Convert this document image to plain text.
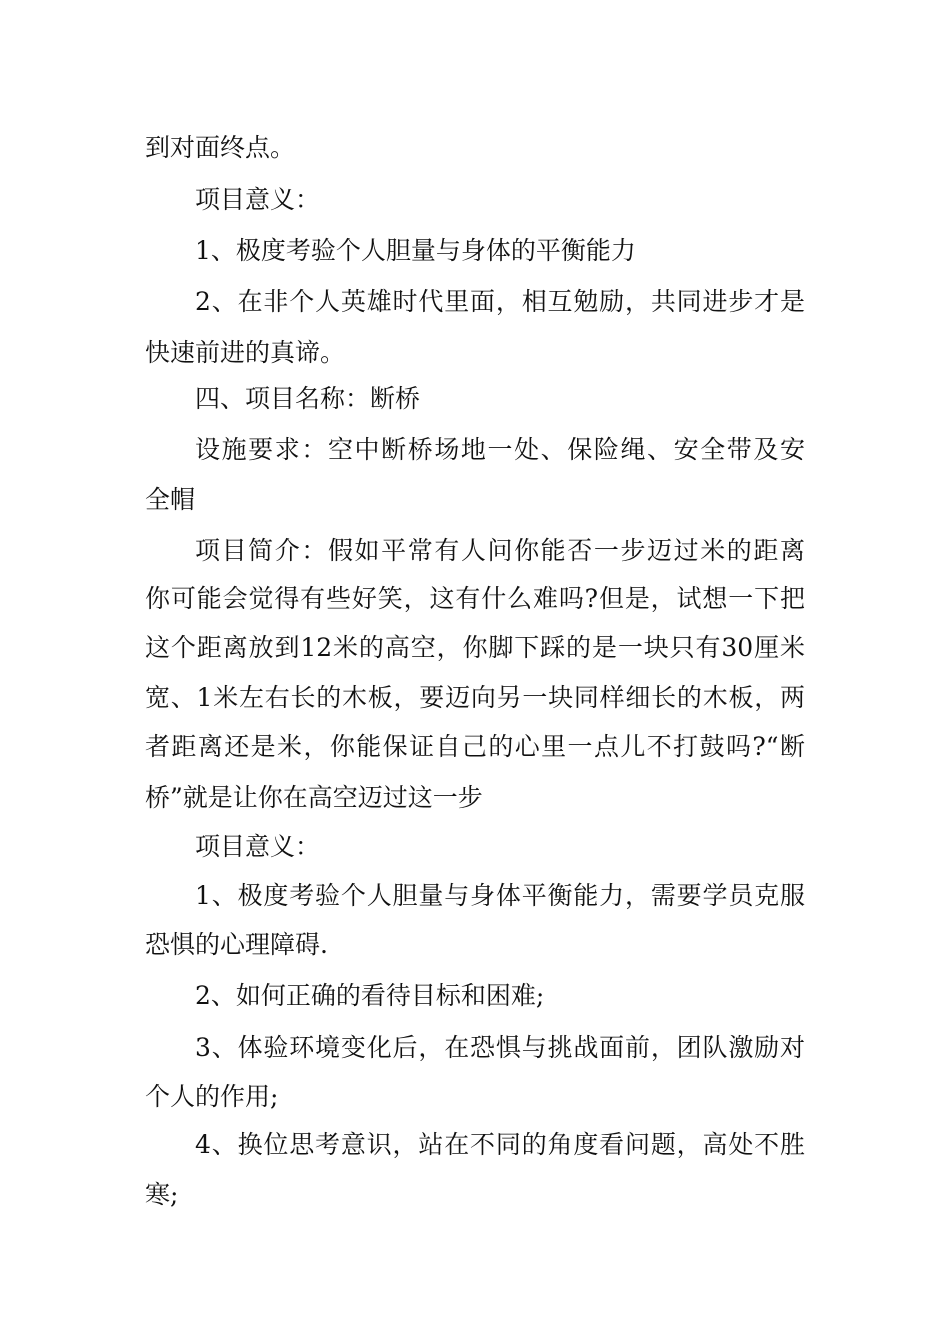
到对面终点。
项目意义：
1、极度考验个人胆量与身体的平衡能力
2、在非个人英雄时代里面，相互勉励，共同进步才是
快速前进的真谛。
四、项目名称：断桥
设施要求：空中断桥场地一处、保险绳、安全带及安
全帽
项目简介：假如平常有人问你能否一步迈过米的距离
你可能会觉得有些好笑，这有什么难吗?但是，试想一下把
这个距离放到12米的高空，你脚下踩的是一块只有30厘米
宽、1米左右长的木板，要迈向另一块同样细长的木板，两
者距离还是米，你能保证自己的心里一点儿不打鼓吗?“断
桥”就是让你在高空迈过这一步
项目意义：
1、极度考验个人胆量与身体平衡能力，需要学员克服
恐惧的心理障碍.
2、如何正确的看待目标和困难;
3、体验环境变化后，在恐惧与挑战面前，团队激励对
个人的作用;
4、换位思考意识，站在不同的角度看问题，高处不胜
寒;
